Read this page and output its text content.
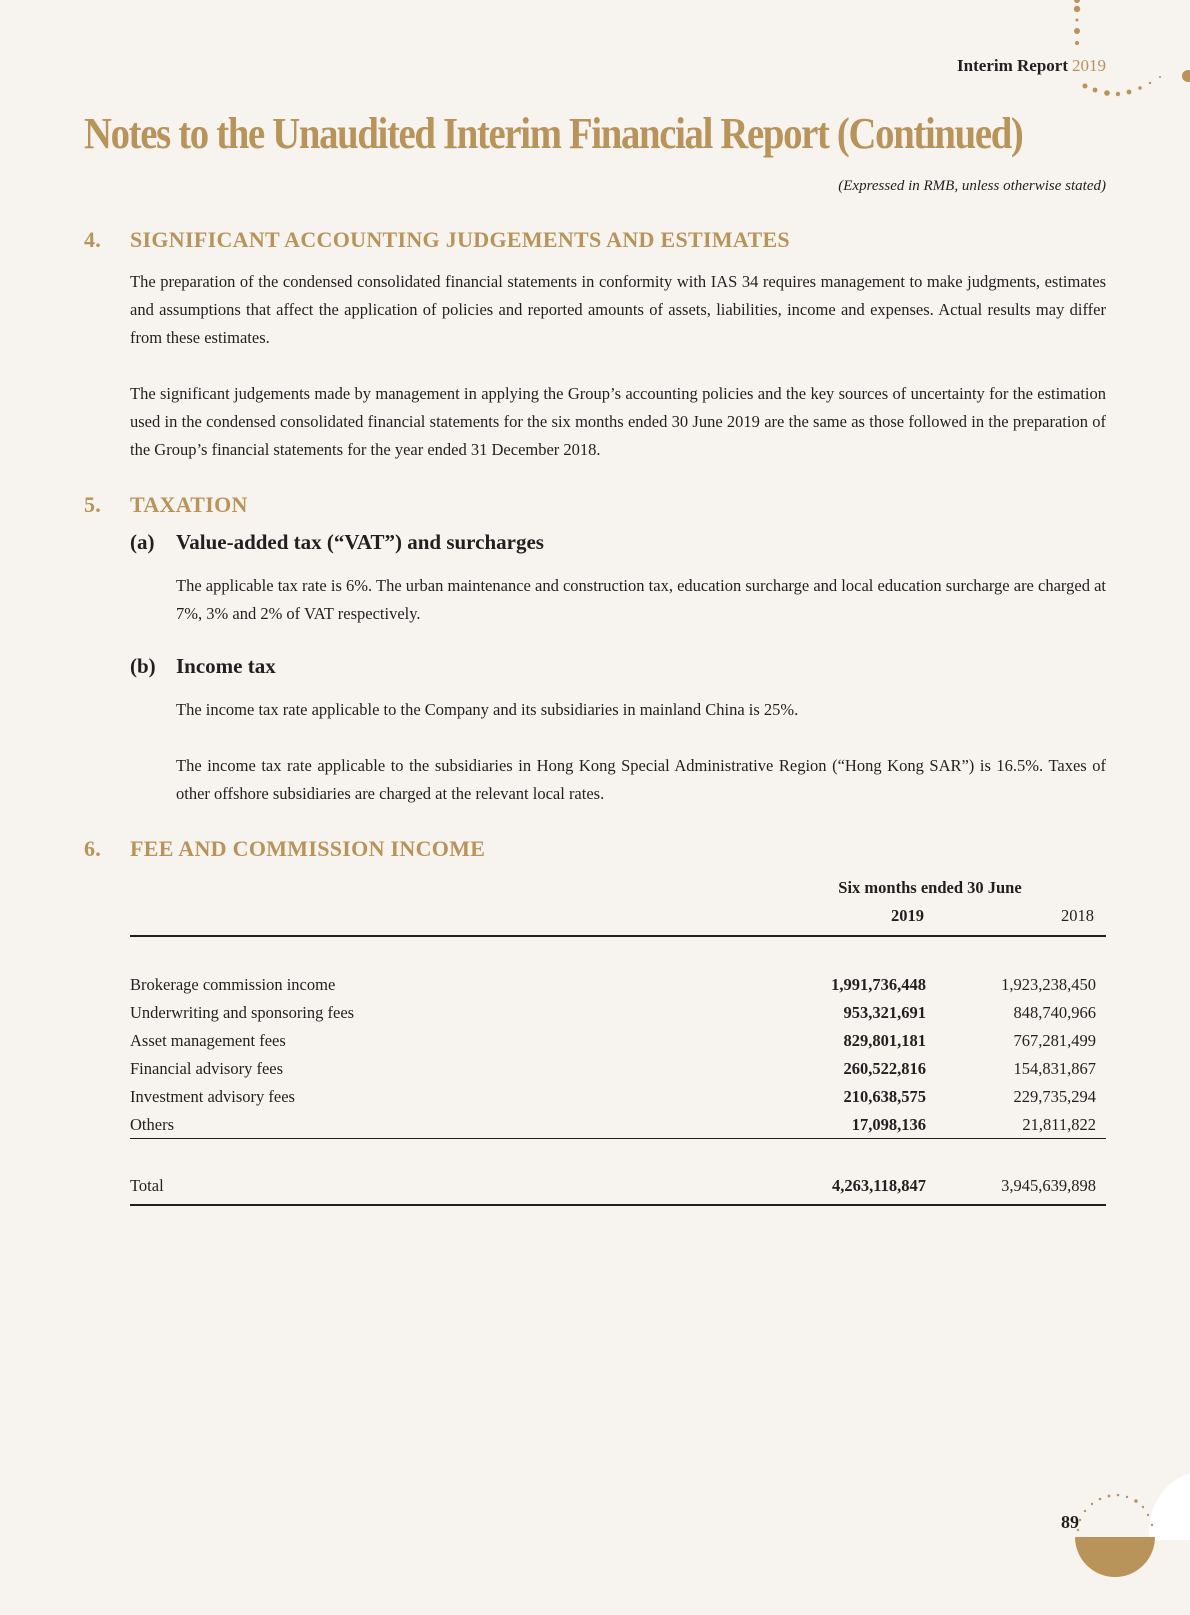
Interim Report 2019
Notes to the Unaudited Interim Financial Report (Continued)
(Expressed in RMB, unless otherwise stated)
4. SIGNIFICANT ACCOUNTING JUDGEMENTS AND ESTIMATES
The preparation of the condensed consolidated financial statements in conformity with IAS 34 requires management to make judgments, estimates and assumptions that affect the application of policies and reported amounts of assets, liabilities, income and expenses. Actual results may differ from these estimates.
The significant judgements made by management in applying the Group’s accounting policies and the key sources of uncertainty for the estimation used in the condensed consolidated financial statements for the six months ended 30 June 2019 are the same as those followed in the preparation of the Group’s financial statements for the year ended 31 December 2018.
5. TAXATION
(a) Value-added tax (“VAT”) and surcharges
The applicable tax rate is 6%. The urban maintenance and construction tax, education surcharge and local education surcharge are charged at 7%, 3% and 2% of VAT respectively.
(b) Income tax
The income tax rate applicable to the Company and its subsidiaries in mainland China is 25%.
The income tax rate applicable to the subsidiaries in Hong Kong Special Administrative Region (“Hong Kong SAR”) is 16.5%. Taxes of other offshore subsidiaries are charged at the relevant local rates.
6. FEE AND COMMISSION INCOME
Six months ended 30 June
2019	2018
Brokerage commission income	1,991,736,448	1,923,238,450
Underwriting and sponsoring fees	953,321,691	848,740,966
Asset management fees	829,801,181	767,281,499
Financial advisory fees	260,522,816	154,831,867
Investment advisory fees	210,638,575	229,735,294
Others	17,098,136	21,811,822
Total	4,263,118,847	3,945,639,898
89
